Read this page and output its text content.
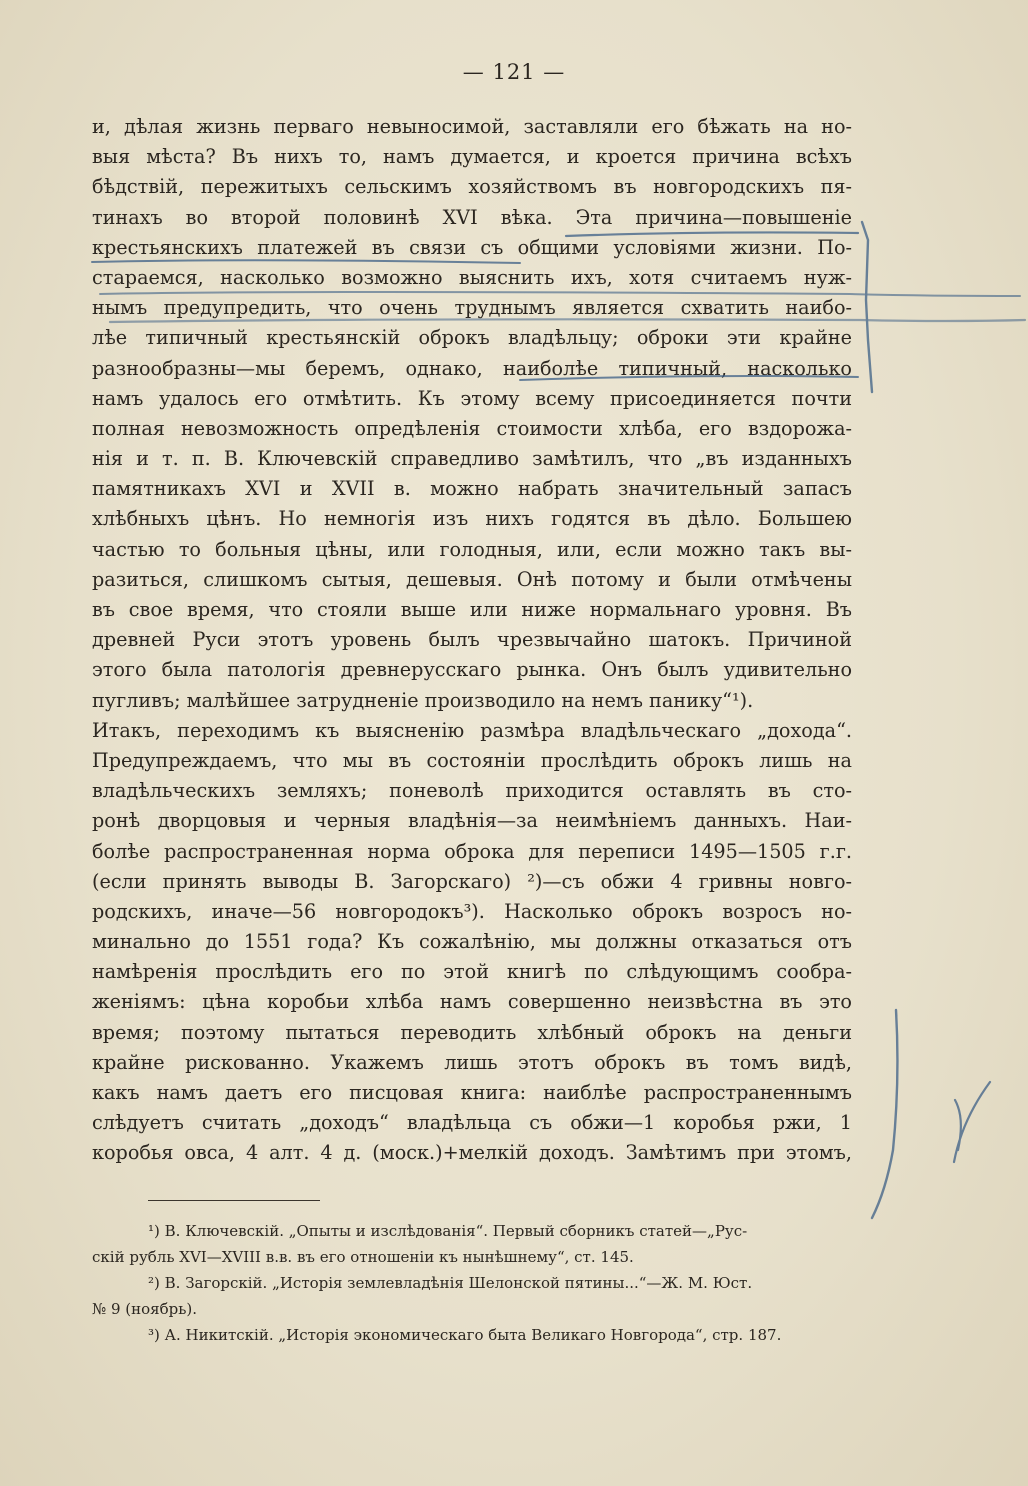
— 121 —
и, дѣлая жизнь перваго невыносимой, заставляли его бѣжать на но-
выя мѣста? Въ нихъ то, намъ думается, и кроется причина всѣхъ
бѣдствій, пережитыхъ сельскимъ хозяйствомъ въ новгородскихъ пя-
тинахъ во второй половинѣ XVI вѣка. Эта причина—повышеніе
крестьянскихъ платежей въ связи съ общими условіями жизни. По-
стараемся, насколько возможно выяснить ихъ, хотя считаемъ нуж-
нымъ предупредить, что очень труднымъ является схватить наибо-
лѣе типичный крестьянскій оброкъ владѣльцу; оброки эти крайне
разнообразны—мы беремъ, однако, наиболѣе типичный, насколько
намъ удалось его отмѣтить. Къ этому всему присоединяется почти
полная невозможность опредѣленія стоимости хлѣба, его вздорожа-
нія и т. п. В. Ключевскій справедливо замѣтилъ, что „въ изданныхъ
памятникахъ XVI и XVII в. можно набрать значительный запасъ
хлѣбныхъ цѣнъ. Но немногія изъ нихъ годятся въ дѣло. Большею
частью то больныя цѣны, или голодныя, или, если можно такъ вы-
разиться, слишкомъ сытыя, дешевыя. Онѣ потому и были отмѣчены
въ свое время, что стояли выше или ниже нормальнаго уровня. Въ
древней Руси этотъ уровень былъ чрезвычайно шатокъ. Причиной
этого была патологія древнерусскаго рынка. Онъ былъ удивительно
пугливъ; малѣйшее затрудненіе производило на немъ панику“¹).
Итакъ, переходимъ къ выясненію размѣра владѣльческаго „дохода“.
Предупреждаемъ, что мы въ состояніи прослѣдить оброкъ лишь на
владѣльческихъ земляхъ; поневолѣ приходится оставлять въ сто-
ронѣ дворцовыя и черныя владѣнія—за неимѣніемъ данныхъ. Наи-
болѣе распространенная норма оброка для переписи 1495—1505 г.г.
(если принять выводы В. Загорскаго) ²)—съ обжи 4 гривны новго-
родскихъ, иначе—56 новгородокъ³). Насколько оброкъ возросъ но-
минально до 1551 года? Къ сожалѣнію, мы должны отказаться отъ
намѣренія прослѣдить его по этой книгѣ по слѣдующимъ сообра-
женіямъ: цѣна коробьи хлѣба намъ совершенно неизвѣстна въ это
время; поэтому пытаться переводить хлѣбный оброкъ на деньги
крайне рискованно. Укажемъ лишь этотъ оброкъ въ томъ видѣ,
какъ намъ даетъ его писцовая книга: наиблѣе распространеннымъ
слѣдуетъ считать „доходъ“ владѣльца съ обжи—1 коробья ржи, 1
коробья овса, 4 алт. 4 д. (моск.)+мелкій доходъ. Замѣтимъ при этомъ,
¹) В. Ключевскій. „Опыты и изслѣдованія“. Первый сборникъ статей—„Рус-
скій рубль XVI—XVIII в.в. въ его отношеніи къ нынѣшнему“, ст. 145.
²) В. Загорскій. „Исторія землевладѣнія Шелонской пятины...“—Ж. М. Юст.
№ 9 (ноябрь).
³) А. Никитскій. „Исторія экономическаго быта Великаго Новгорода“, стр. 187.
